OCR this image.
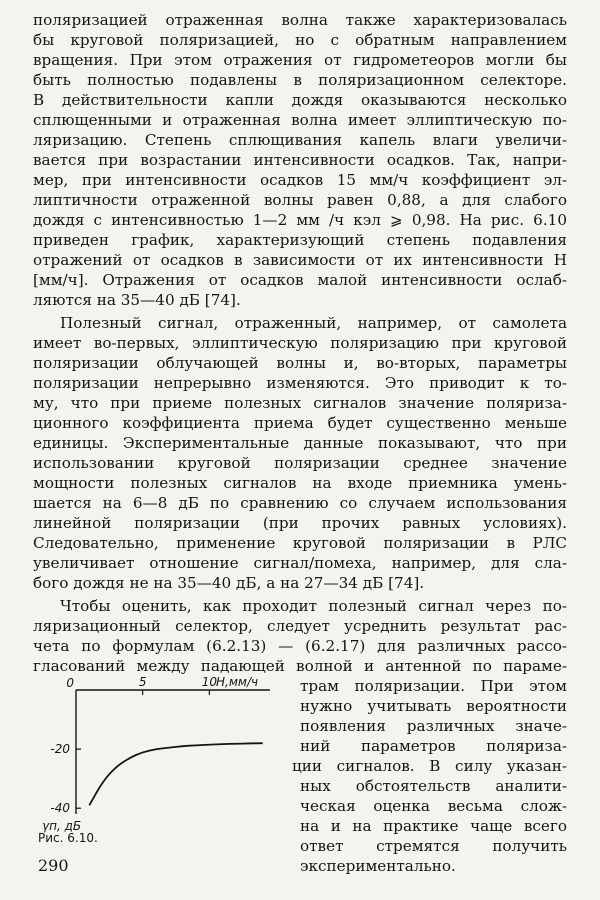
поляризацией отраженная волна также характеризовалась
бы круговой поляризацией, но с обратным направлением
вращения. При этом отражения от гидрометеоров могли бы
быть полностью подавлены в поляризационном селекторе.
В действительности капли дождя оказываются несколько
сплющенными и отраженная волна имеет эллиптическую по-
ляризацию. Степень сплющивания капель влаги увеличи-
вается при возрастании интенсивности осадков. Так, напри-
мер, при интенсивности осадков 15 мм/ч коэффициент эл-
липтичности отраженной волны равен 0,88, а для слабого
дождя с интенсивностью 1—2 мм /ч κэл ⩾ 0,98. На рис. 6.10
приведен график, характеризующий степень подавления
отражений от осадков в зависимости от их интенсивности H
[мм/ч]. Отражения от осадков малой интенсивности ослаб-
ляются на 35—40 дБ [74].
Полезный сигнал, отраженный, например, от самолета
имеет во-первых, эллиптическую поляризацию при круговой
поляризации облучающей волны и, во-вторых, параметры
поляризации непрерывно изменяются. Это приводит к то-
му, что при приеме полезных сигналов значение поляриза-
ционного коэффициента приема будет существенно меньше
единицы. Экспериментальные данные показывают, что при
использовании круговой поляризации среднее значение
мощности полезных сигналов на входе приемника умень-
шается на 6—8 дБ по сравнению со случаем использования
линейной поляризации (при прочих равных условиях).
Следовательно, применение круговой поляризации в РЛС
увеличивает отношение сигнал/помеха, например, для сла-
бого дождя не на 35—40 дБ, а на 27—34 дБ [74].
Чтобы оценить, как проходит полезный сигнал через по-
ляризационный селектор, следует усреднить результат рас-
чета по формулам (6.2.13) — (6.2.17) для различных рассо-
гласований между падающей волной и антенной по параме-
трам поляризации. При этом
нужно учитывать вероятности
появления различных значе-
ний параметров поляриза-
ции сигналов. В силу указан-
ных обстоятельств аналити-
ческая оценка весьма слож-
на и на практике чаще всего
ответ стремятся получить
экспериментально.
0	5	10 H,мм/ч
-20
-40
γп, дБ
Рис. 6.10.
290
